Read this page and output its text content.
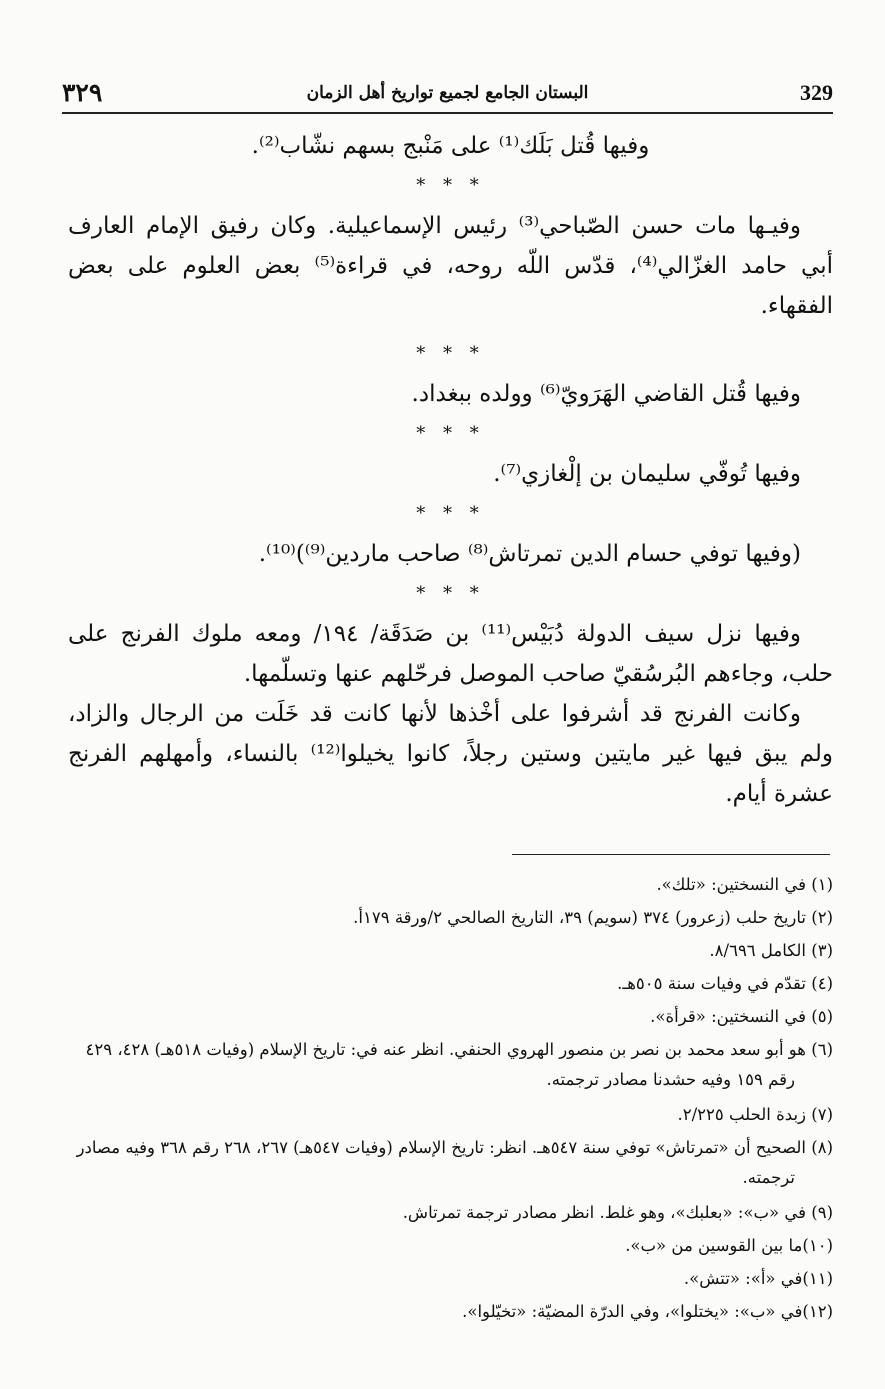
٣٢٩	البستان الجامع لجميع تواريخ أهل الزمان	329

وفيها قُتل بَلَك⁽¹⁾ على مَنْبج بسهم نشّاب⁽²⁾.

* * *

وفيـها مات حسن الصّباحي⁽³⁾ رئيس الإسماعيلية. وكان رفيق الإمام العارف أبي حامد الغزّالي⁽⁴⁾، قدّس اللّه روحه، في قراءة⁽⁵⁾ بعض العلوم على بعض الفقهاء.

* * *

وفيها قُتل القاضي الهَرَويّ⁽⁶⁾ وولده ببغداد.

* * *

وفيها تُوفّي سليمان بن إلْغازي⁽⁷⁾.

* * *

(وفيها توفي حسام الدين تمرتاش⁽⁸⁾ صاحب ماردين⁽⁹⁾)⁽¹⁰⁾.

* * *

وفيها نزل سيف الدولة دُبَيْس⁽¹¹⁾ بن صَدَقَة/ ١٩٤/ ومعه ملوك الفرنج على حلب، وجاءهم البُرسُقيّ صاحب الموصل فرحّلهم عنها وتسلّمها.

وكانت الفرنج قد أشرفوا على أخْذها لأنها كانت قد خَلَت من الرجال والزاد، ولم يبق فيها غير مايتين وستين رجلاً، كانوا يخيلوا⁽¹²⁾ بالنساء، وأمهلهم الفرنج عشرة أيام.

(١) في النسختين: «تلك».

(٢) تاريخ حلب (زعرور) ٣٧٤ (سويم) ٣٩، التاريخ الصالحي ٢/ورقة ١٧٩أ.

(٣) الكامل ٨/٦٩٦.

(٤) تقدّم في وفيات سنة ٥٠٥هـ.

(٥) في النسختين: «قرأة».

(٦) هو أبو سعد محمد بن نصر بن منصور الهروي الحنفي. انظر عنه في: تاريخ الإسلام (وفيات ٥١٨هـ) ٤٢٨، ٤٢٩ رقم ١٥٩ وفيه حشدنا مصادر ترجمته.

(٧) زبدة الحلب ٢/٢٢٥.

(٨) الصحيح أن «تمرتاش» توفي سنة ٥٤٧هـ. انظر: تاريخ الإسلام (وفيات ٥٤٧هـ) ٢٦٧، ٢٦٨ رقم ٣٦٨ وفيه مصادر ترجمته.

(٩) في «ب»: «بعلبك»، وهو غلط. انظر مصادر ترجمة تمرتاش.

(١٠)ما بين القوسين من «ب».

(١١)في «أ»: «تتش».

(١٢)في «ب»: «يختلوا»، وفي الدرّة المضيّة: «تخيّلوا».
